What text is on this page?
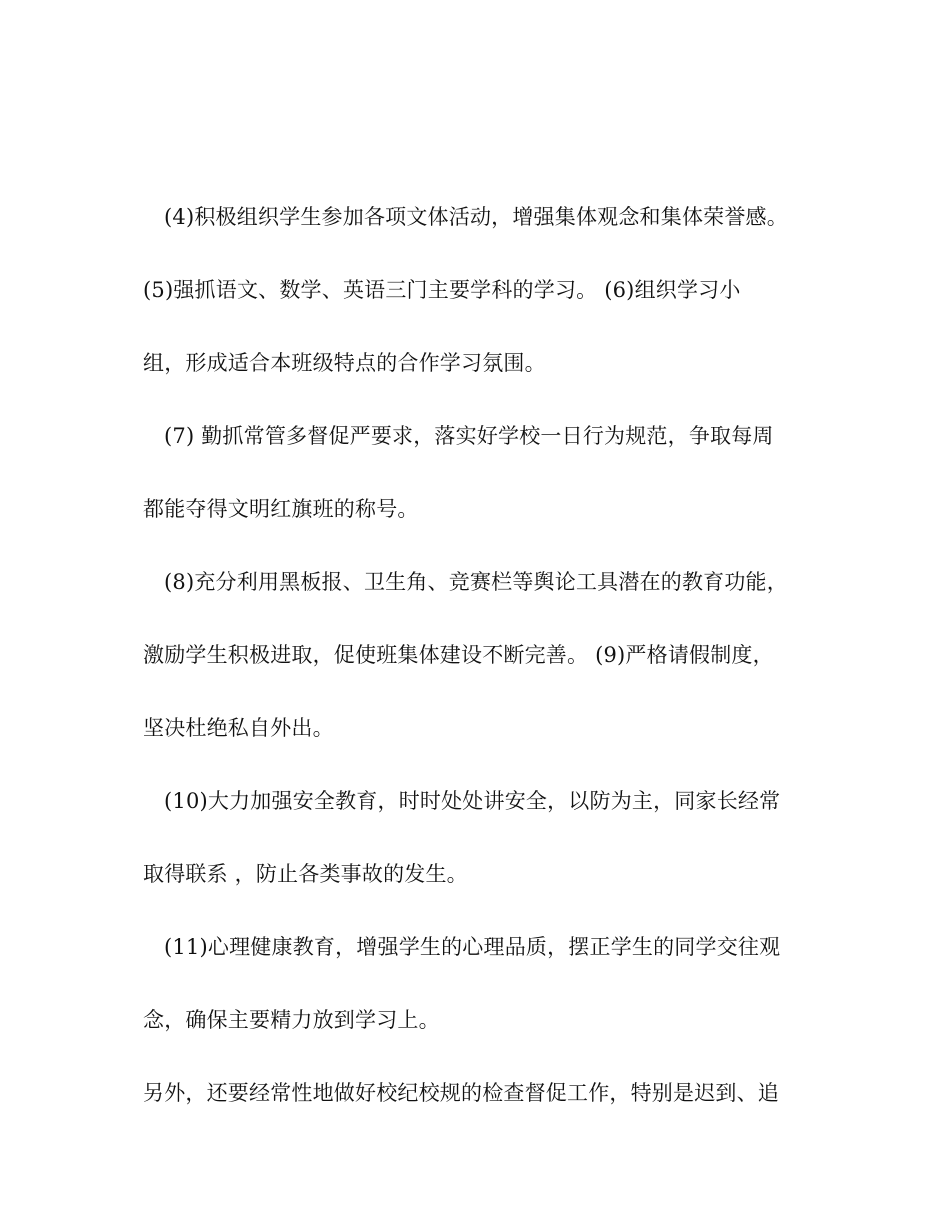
(4)积极组织学生参加各项文体活动，增强集体观念和集体荣誉感。
(5)强抓语文、数学、英语三门主要学科的学习。 (6)组织学习小
组，形成适合本班级特点的合作学习氛围。
(7) 勤抓常管多督促严要求，落实好学校一日行为规范，争取每周
都能夺得文明红旗班的称号。
(8)充分利用黑板报、卫生角、竞赛栏等舆论工具潜在的教育功能，
激励学生积极进取，促使班集体建设不断完善。 (9)严格请假制度，
坚决杜绝私自外出。
(10)大力加强安全教育，时时处处讲安全，以防为主，同家长经常
取得联系 ，防止各类事故的发生。
(11)心理健康教育，增强学生的心理品质，摆正学生的同学交往观
念，确保主要精力放到学习上。
另外，还要经常性地做好校纪校规的检查督促工作，特别是迟到、追
